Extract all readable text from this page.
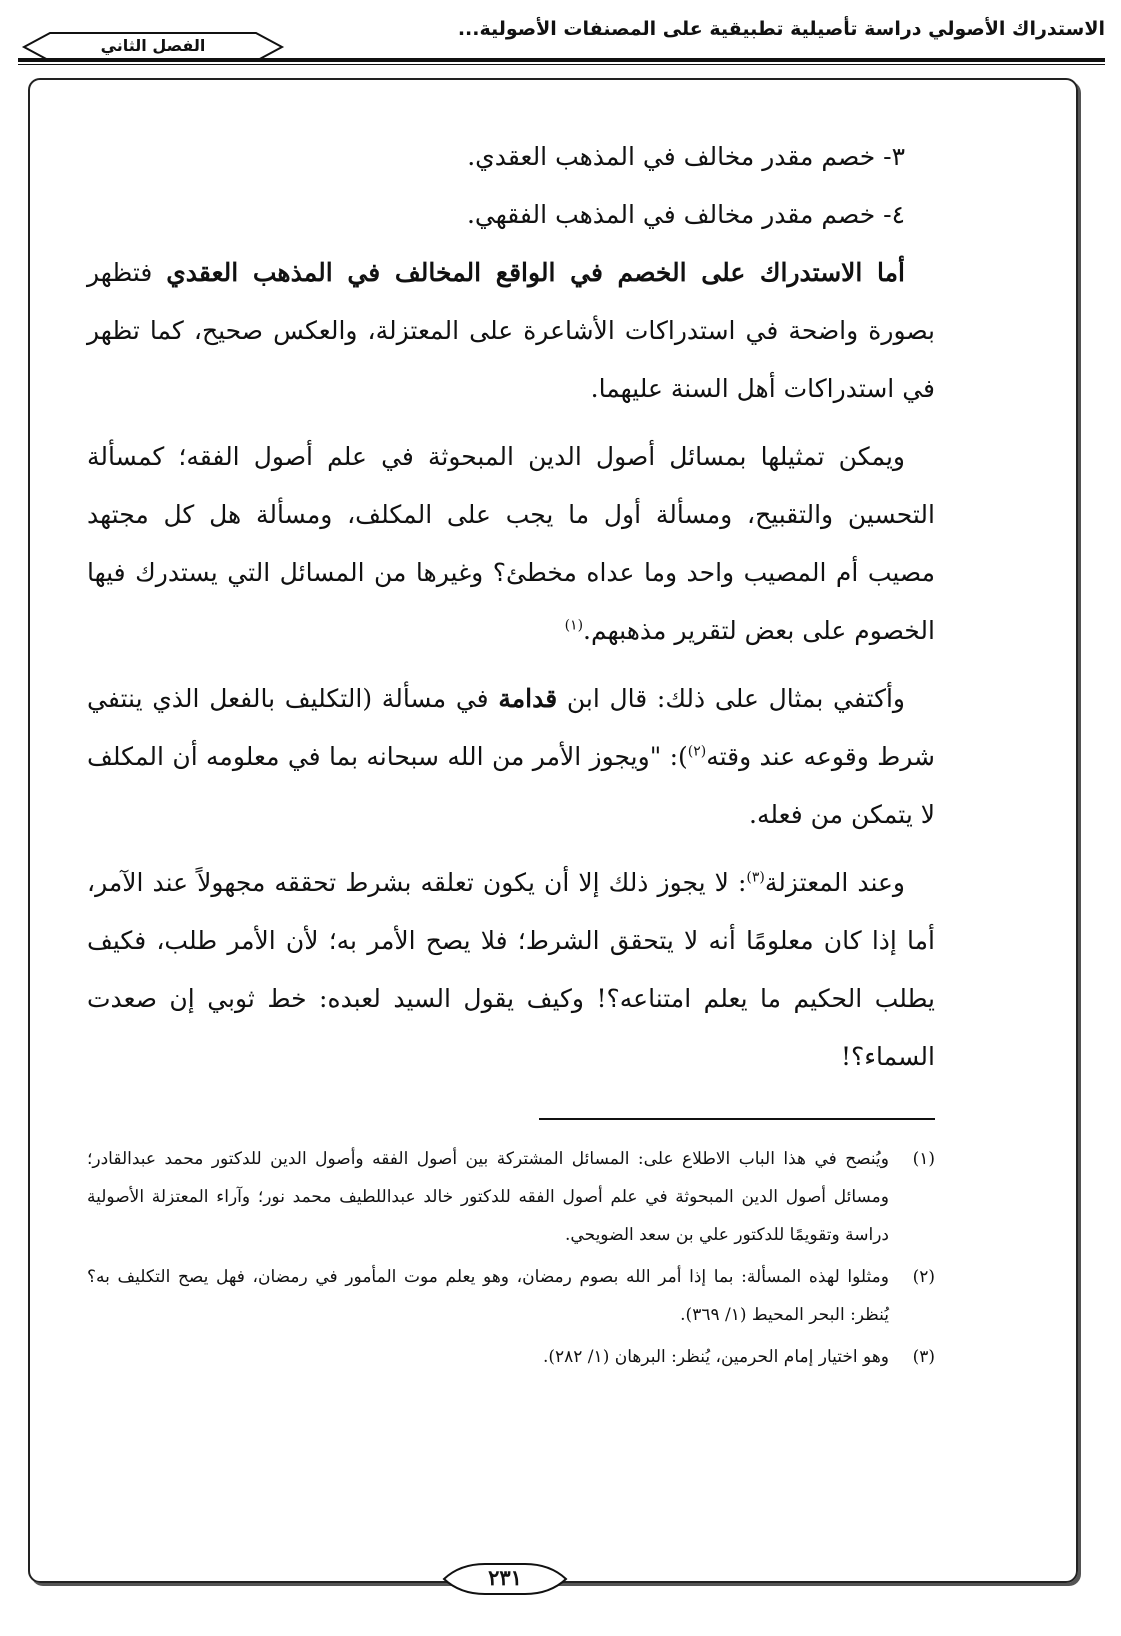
الاستدراك الأصولي دراسة تأصيلية تطبيقية على المصنفات الأصولية...
الفصل الثاني

٣- خصم مقدر مخالف في المذهب العقدي.

٤- خصم مقدر مخالف في المذهب الفقهي.

أما الاستدراك على الخصم في الواقع المخالف في المذهب العقدي فتظهر بصورة واضحة في استدراكات الأشاعرة على المعتزلة، والعكس صحيح، كما تظهر في استدراكات أهل السنة عليهما.

ويمكن تمثيلها بمسائل أصول الدين المبحوثة في علم أصول الفقه؛ كمسألة التحسين والتقبيح، ومسألة أول ما يجب على المكلف، ومسألة هل كل مجتهد مصيب أم المصيب واحد وما عداه مخطئ؟ وغيرها من المسائل التي يستدرك فيها الخصوم على بعض لتقرير مذهبهم.$^{(١)}$

وأكتفي بمثال على ذلك: قال ابن قدامة في مسألة (التكليف بالفعل الذي ينتفي شرط وقوعه عند وقته$^{(٢)}$): "ويجوز الأمر من الله سبحانه بما في معلومه أن المكلف لا يتمكن من فعله.

وعند المعتزلة$^{(٣)}$: لا يجوز ذلك إلا أن يكون تعلقه بشرط تحققه مجهولاً عند الآمر، أما إذا كان معلومًا أنه لا يتحقق الشرط؛ فلا يصح الأمر به؛ لأن الأمر طلب، فكيف يطلب الحكيم ما يعلم امتناعه؟! وكيف يقول السيد لعبده: خط ثوبي إن صعدت السماء؟!

(١)
ويُنصح في هذا الباب الاطلاع على: المسائل المشتركة بين أصول الفقه وأصول الدين للدكتور محمد عبدالقادر؛ ومسائل أصول الدين المبحوثة في علم أصول الفقه للدكتور خالد عبداللطيف محمد نور؛ وآراء المعتزلة الأصولية دراسة وتقويمًا للدكتور علي بن سعد الضويحي.
(٢)
ومثلوا لهذه المسألة: بما إذا أمر الله بصوم رمضان، وهو يعلم موت المأمور في رمضان، فهل يصح التكليف به؟ يُنظر: البحر المحيط (١/ ٣٦٩).
(٣)
وهو اختيار إمام الحرمين، يُنظر: البرهان (١/ ٢٨٢).
٢٣١
